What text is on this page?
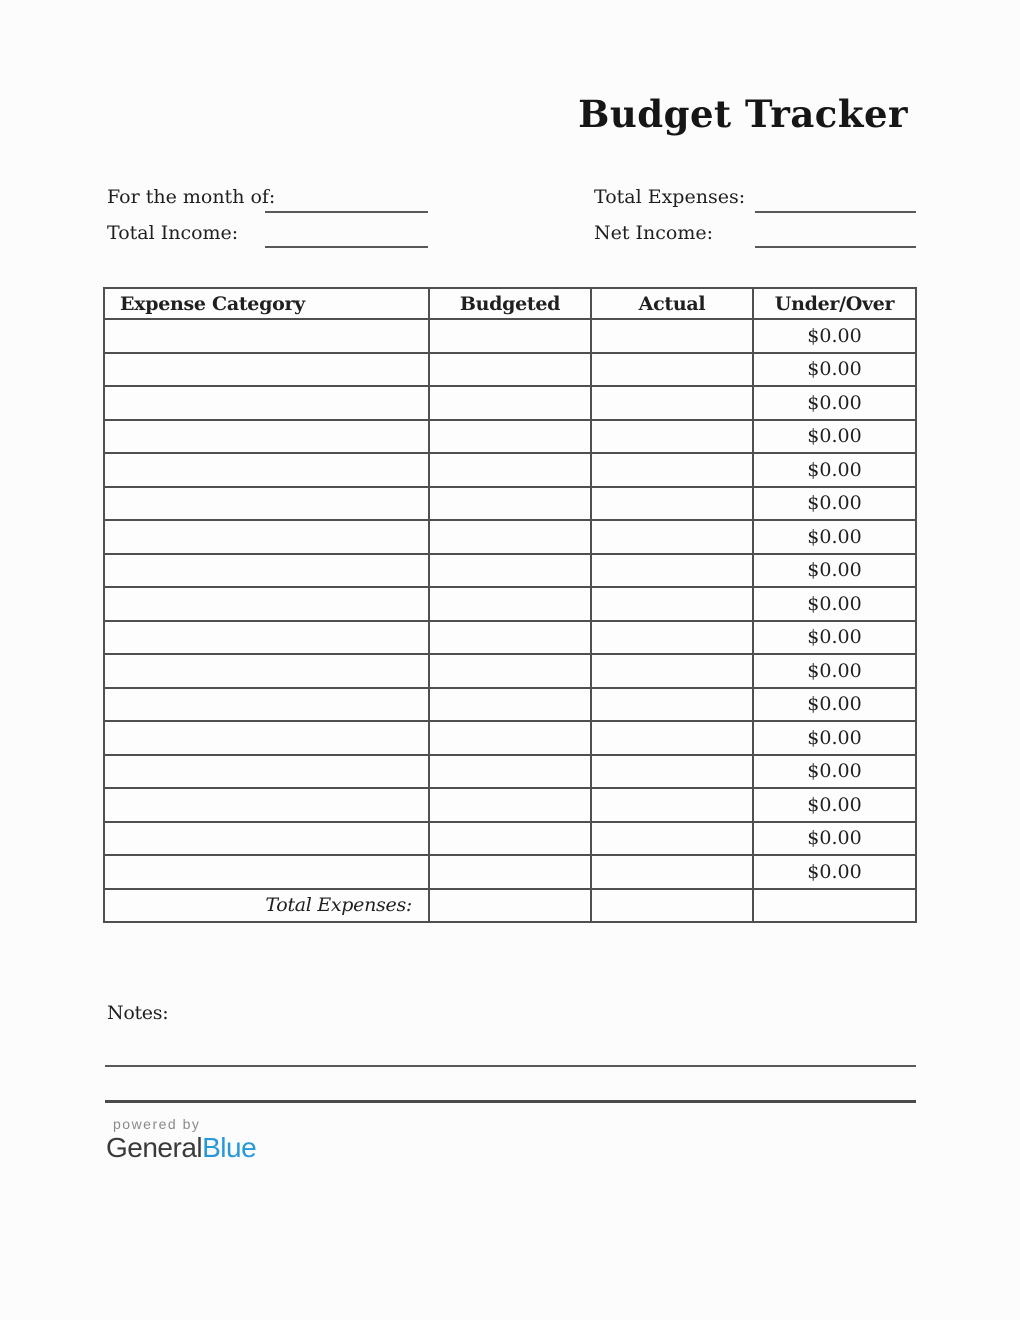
Budget Tracker
For the month of:	Total Expenses:
Total Income:	Net Income:
Expense Category	Budgeted	Actual	Under/Over
			$0.00
			$0.00
			$0.00
			$0.00
			$0.00
			$0.00
			$0.00
			$0.00
			$0.00
			$0.00
			$0.00
			$0.00
			$0.00
			$0.00
			$0.00
			$0.00
			$0.00
Total Expenses:			
Notes:
powered by
GeneralBlue
